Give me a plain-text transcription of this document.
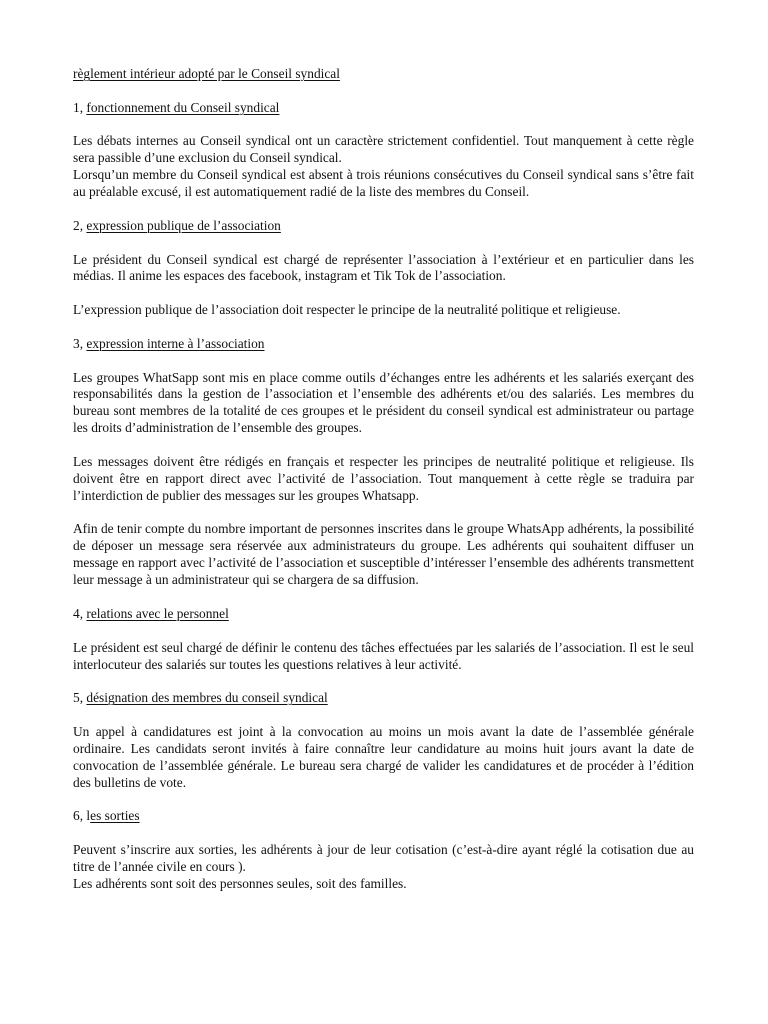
règlement intérieur adopté par le Conseil syndical

1, fonctionnement du Conseil syndical

Les débats internes au Conseil syndical ont un caractère strictement confidentiel. Tout manquement à cette règle sera passible d’une exclusion du Conseil syndical.
Lorsqu’un membre du Conseil syndical est absent à trois réunions consécutives du Conseil syndical sans s’être fait au préalable excusé, il est automatiquement radié de la liste des membres du Conseil.

2, expression publique de l’association

Le président du Conseil syndical est chargé de représenter l’association à l’extérieur et en particulier dans les médias. Il anime les espaces des facebook, instagram et Tik Tok de l’association.

L’expression publique de l’association doit respecter le principe de la neutralité politique et religieuse.

3, expression interne à l’association

Les groupes WhatSapp sont mis en place comme outils d’échanges entre les adhérents et les salariés exerçant des responsabilités dans la gestion de l’association et l’ensemble des adhérents et/ou des salariés. Les membres du bureau sont membres de la totalité de ces groupes et le président du conseil syndical est administrateur ou partage les droits d’administration de l’ensemble des groupes.

Les messages doivent être rédigés en français et respecter les principes de neutralité politique et religieuse. Ils doivent être en rapport direct avec l’activité de l’association. Tout manquement à cette règle se traduira par l’interdiction de publier des messages sur les groupes Whatsapp.

Afin de tenir compte du nombre important de personnes inscrites dans le groupe WhatsApp adhérents, la possibilité de déposer un message sera réservée aux administrateurs du groupe. Les adhérents qui souhaitent diffuser un message en rapport avec l’activité de l’association et susceptible d’intéresser l’ensemble des adhérents transmettent leur message à un administrateur qui se chargera de sa diffusion.

4, relations avec le personnel

Le président est seul chargé de définir le contenu des tâches effectuées par les salariés de l’association. Il est le seul interlocuteur des salariés sur toutes les questions relatives à leur activité.

5, désignation des membres du conseil syndical

Un appel à candidatures est joint à la convocation au moins un mois avant la date de l’assemblée générale ordinaire. Les candidats seront invités à faire connaître leur candidature au moins huit jours avant la date de convocation de l’assemblée générale. Le bureau sera chargé de valider les candidatures et de procéder à l’édition des bulletins de vote.

6, les sorties

Peuvent s’inscrire aux sorties, les adhérents à jour de leur cotisation (c’est-à-dire ayant réglé la cotisation due au titre de l’année civile en cours ).
Les adhérents sont soit des personnes seules, soit des familles.
